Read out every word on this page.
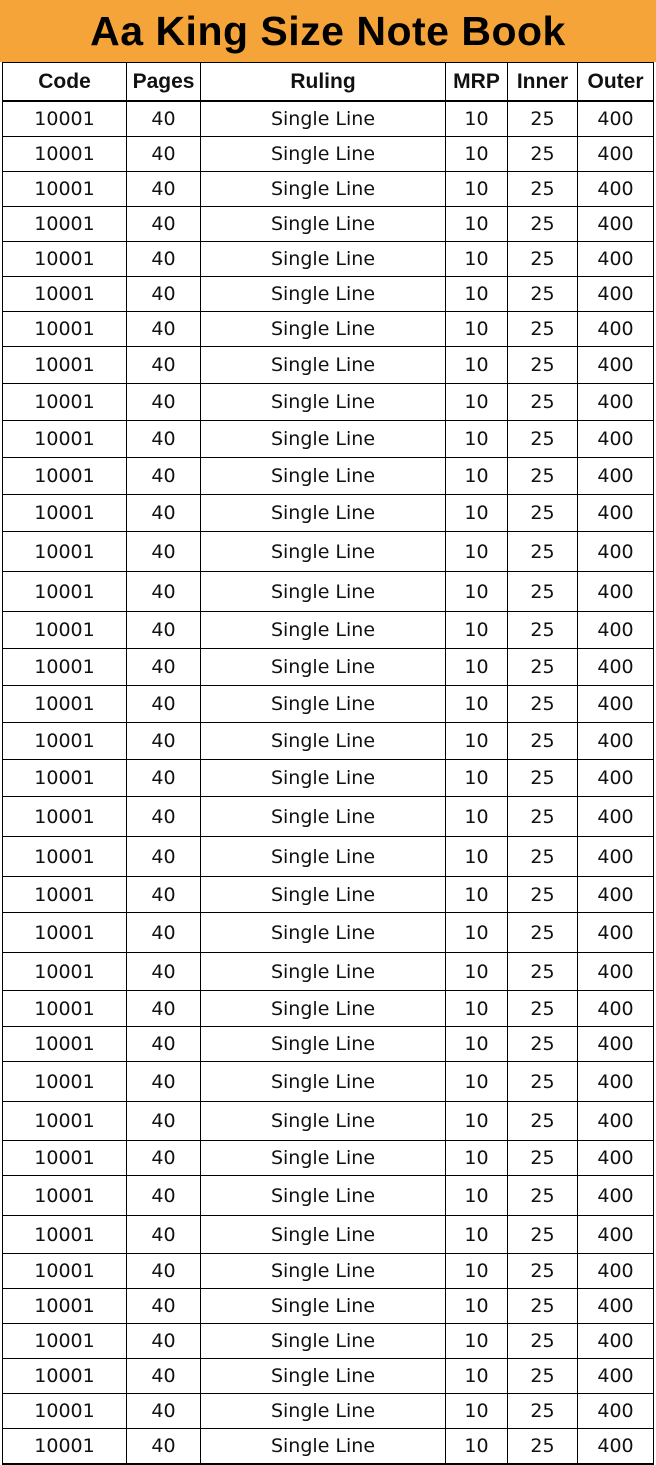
Aa King Size Note Book
Code	Pages	Ruling	MRP	Inner	Outer
10001	40	Single Line	10	25	400
10001	40	Single Line	10	25	400
10001	40	Single Line	10	25	400
10001	40	Single Line	10	25	400
10001	40	Single Line	10	25	400
10001	40	Single Line	10	25	400
10001	40	Single Line	10	25	400
10001	40	Single Line	10	25	400
10001	40	Single Line	10	25	400
10001	40	Single Line	10	25	400
10001	40	Single Line	10	25	400
10001	40	Single Line	10	25	400
10001	40	Single Line	10	25	400
10001	40	Single Line	10	25	400
10001	40	Single Line	10	25	400
10001	40	Single Line	10	25	400
10001	40	Single Line	10	25	400
10001	40	Single Line	10	25	400
10001	40	Single Line	10	25	400
10001	40	Single Line	10	25	400
10001	40	Single Line	10	25	400
10001	40	Single Line	10	25	400
10001	40	Single Line	10	25	400
10001	40	Single Line	10	25	400
10001	40	Single Line	10	25	400
10001	40	Single Line	10	25	400
10001	40	Single Line	10	25	400
10001	40	Single Line	10	25	400
10001	40	Single Line	10	25	400
10001	40	Single Line	10	25	400
10001	40	Single Line	10	25	400
10001	40	Single Line	10	25	400
10001	40	Single Line	10	25	400
10001	40	Single Line	10	25	400
10001	40	Single Line	10	25	400
10001	40	Single Line	10	25	400
10001	40	Single Line	10	25	400
